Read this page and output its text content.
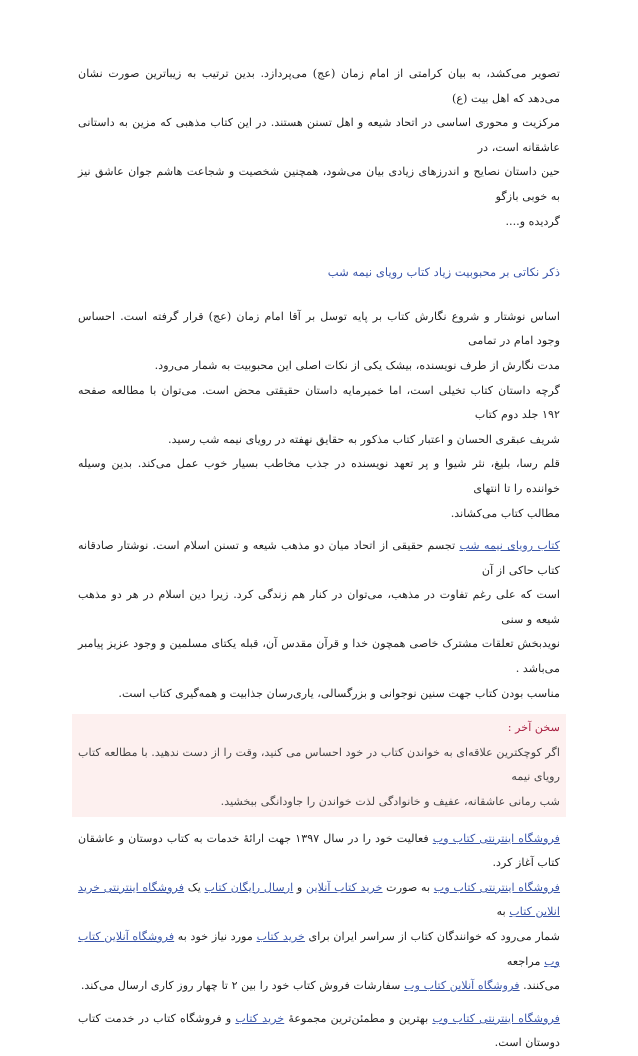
تصویر می‌کشد، به بیان کرامتی از امام زمان (عج) می‌پردازد. بدین ترتیب به زیباترین صورت نشان می‌دهد که اهل بیت (ع)

مرکزیت و محوری اساسی در اتحاد شیعه و اهل تسنن هستند. در این کتاب مذهبی که مزین به داستانی عاشقانه است، در

حین داستان نصایح و اندرزهای زیادی بیان می‌شود، همچنین شخصیت و شجاعت هاشم جوان عاشق نیز به خوبی بازگو

گردیده و....

ذکر نکاتی بر محبوبیت زیاد کتاب رویای نیمه شب

اساس نوشتار و شروع نگارش کتاب بر پایه توسل بر آقا امام زمان (عج) قرار گرفته است. احساس وجود امام در تمامی

مدت نگارش از طرف نویسنده، بیشک یکی از نکات اصلی این محبوبیت به شمار می‌رود.

گرچه داستان کتاب تخیلی است، اما خمیرمایه داستان حقیقتی محض است. می‌توان با مطالعه صفحه ۱۹۲ جلد دوم کتاب

شریف عبقری الحسان و اعتبار کتاب مذکور به حقایق نهفته در رویای نیمه شب رسید.

قلم رسا، بلیغ، نثر شیوا و پر تعهد نویسنده در جذب مخاطب بسیار خوب عمل می‌کند. بدین وسیله خواننده را تا انتهای

مطالب کتاب می‌کشاند.

کتاب رویای نیمه شب تجسم حقیقی از اتحاد میان دو مذهب شیعه و تسنن اسلام است. نوشتار صادقانه کتاب حاکی از آن

است که علی رغم تفاوت در مذهب، می‌توان در کنار هم زندگی کرد. زیرا دین اسلام در هر دو مذهب شیعه و سنی

نویدبخش تعلقات مشترک خاصی همچون خدا و قرآن مقدس آن، قبله یکتای مسلمین و وجود عزیز پیامبر می‌باشد .

مناسب بودن کتاب جهت سنین نوجوانی و بزرگسالی، یاری‌رسان جذابیت و همه‌گیری کتاب است.

سخن آخر :

اگر کوچکترین علاقه‌ای به خواندن کتاب در خود احساس می کنید، وقت را از دست ندهید. با مطالعه کتاب رویای نیمه

شب رمانی عاشقانه، عفیف و خانوادگی لذت خواندن را جاودانگی ببخشید.

فروشگاه اینترنتی کتاب وب فعالیت خود را در سال ۱۳۹۷ جهت ارائهٔ خدمات به کتاب دوستان و عاشقان کتاب آغاز کرد.

فروشگاه اینترنتی کتاب وب به صورت خرید کتاب آنلاین و ارسال رایگان کتاب یک فروشگاه اینترنتی خرید انلاین کتاب به

شمار می‌رود که خوانندگان کتاب از سراسر ایران برای خرید کتاب مورد نیاز خود به فروشگاه آنلاین کتاب وب مراجعه

می‌کنند. فروشگاه آنلاین کتاب وب سفارشات فروش کتاب خود را بین ۲ تا چهار روز کاری ارسال می‌کند.

فروشگاه اینترنتی کتاب وب بهترین و مطمئن‌ترین مجموعهٔ خرید کتاب و فروشگاه کتاب در خدمت کتاب دوستان است.
